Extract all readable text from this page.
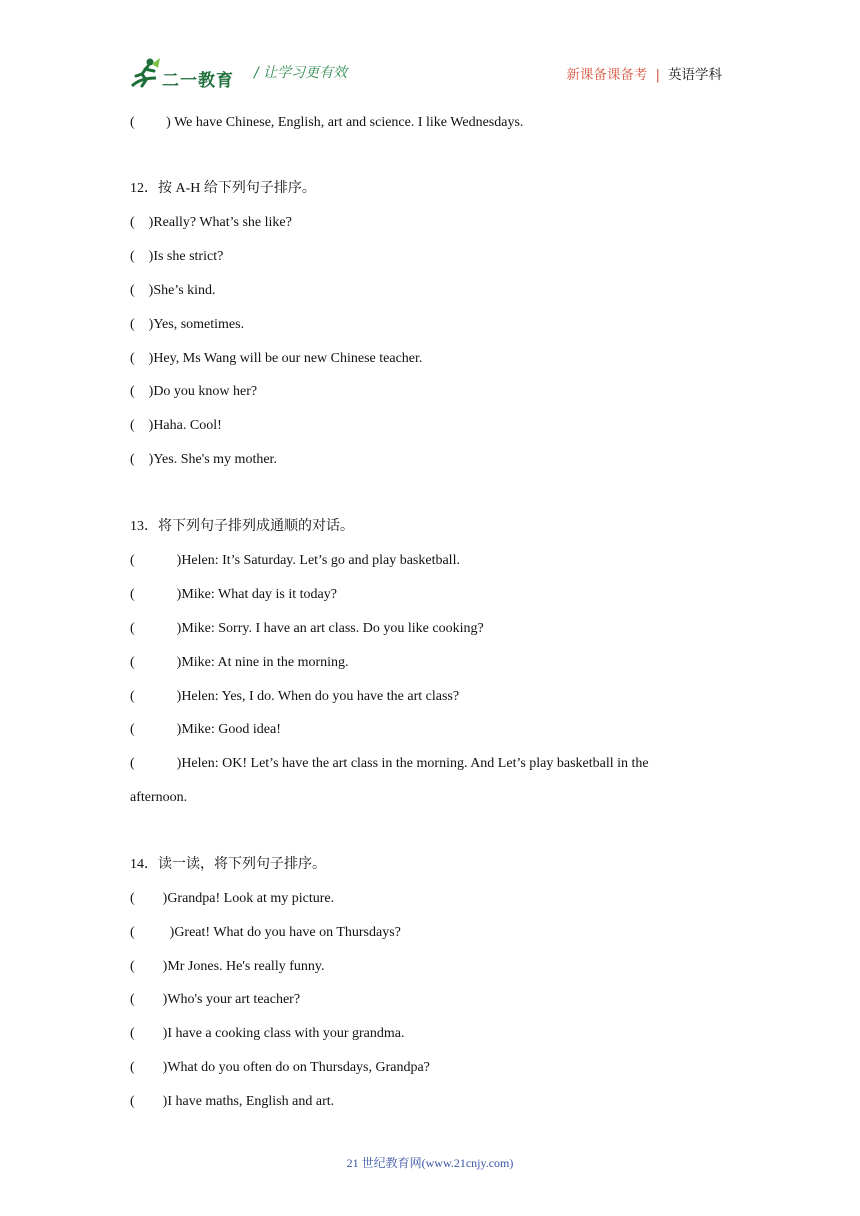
二一教育 / 让学习更有效	新课备课备考 | 英语学科
(         ) We have Chinese, English, art and science. I like Wednesdays.
12．按 A-H 给下列句子排序。
(    )Really? What’s she like?
(    )Is she strict?
(    )She’s kind.
(    )Yes, sometimes.
(    )Hey, Ms Wang will be our new Chinese teacher.
(    )Do you know her?
(    )Haha. Cool!
(    )Yes. She's my mother.
13．将下列句子排列成通顺的对话。
(            )Helen: It’s Saturday. Let’s go and play basketball.
(            )Mike: What day is it today?
(            )Mike: Sorry. I have an art class. Do you like cooking?
(            )Mike: At nine in the morning.
(            )Helen: Yes, I do. When do you have the art class?
(            )Mike: Good idea!
(            )Helen: OK! Let’s have the art class in the morning. And Let’s play basketball in the
afternoon.
14．读一读，将下列句子排序。
(        )Grandpa! Look at my picture.
(          )Great! What do you have on Thursdays?
(        )Mr Jones. He's really funny.
(        )Who's your art teacher?
(        )I have a cooking class with your grandma.
(        )What do you often do on Thursdays, Grandpa?
(        )I have maths, English and art.
21 世纪教育网(www.21cnjy.com)
